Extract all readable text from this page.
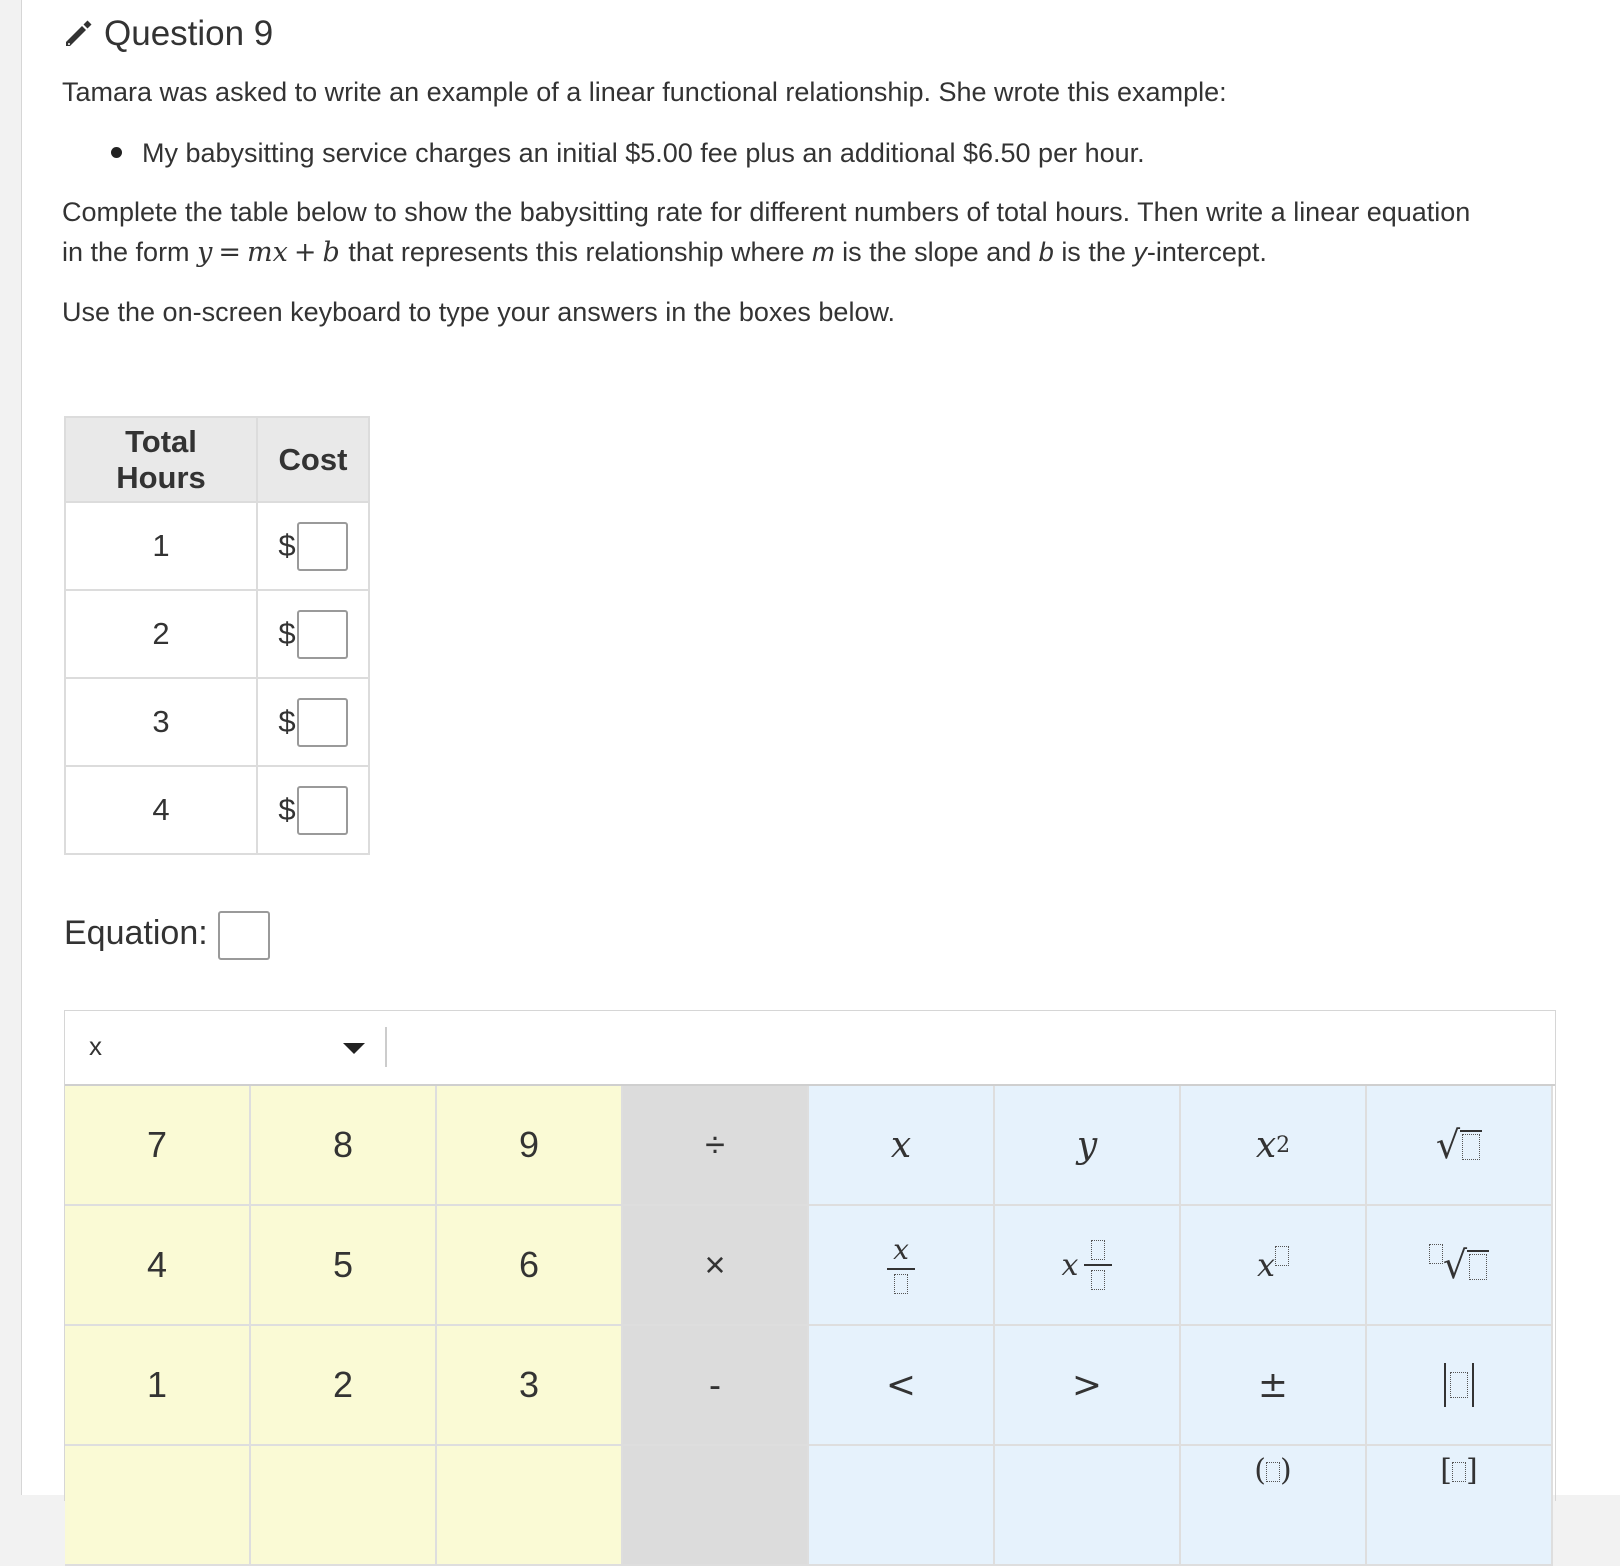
Question 9
Tamara was asked to write an example of a linear functional relationship. She wrote this example:
My babysitting service charges an initial $5.00 fee plus an additional $6.50 per hour.
Complete the table below to show the babysitting rate for different numbers of total hours. Then write a linear equation
in the form y = mx + b that represents this relationship where m is the slope and b is the y-intercept.
Use the on-screen keyboard to type your answers in the boxes below.
Total Hours	Cost
1	$

2	$

3	$

4	$
Equation:
x
7	8	9	÷	x	y	x 2	√
4	5	6	×	x	x	x	√
1	2	3	-	<	>	±
( )	[ ]
